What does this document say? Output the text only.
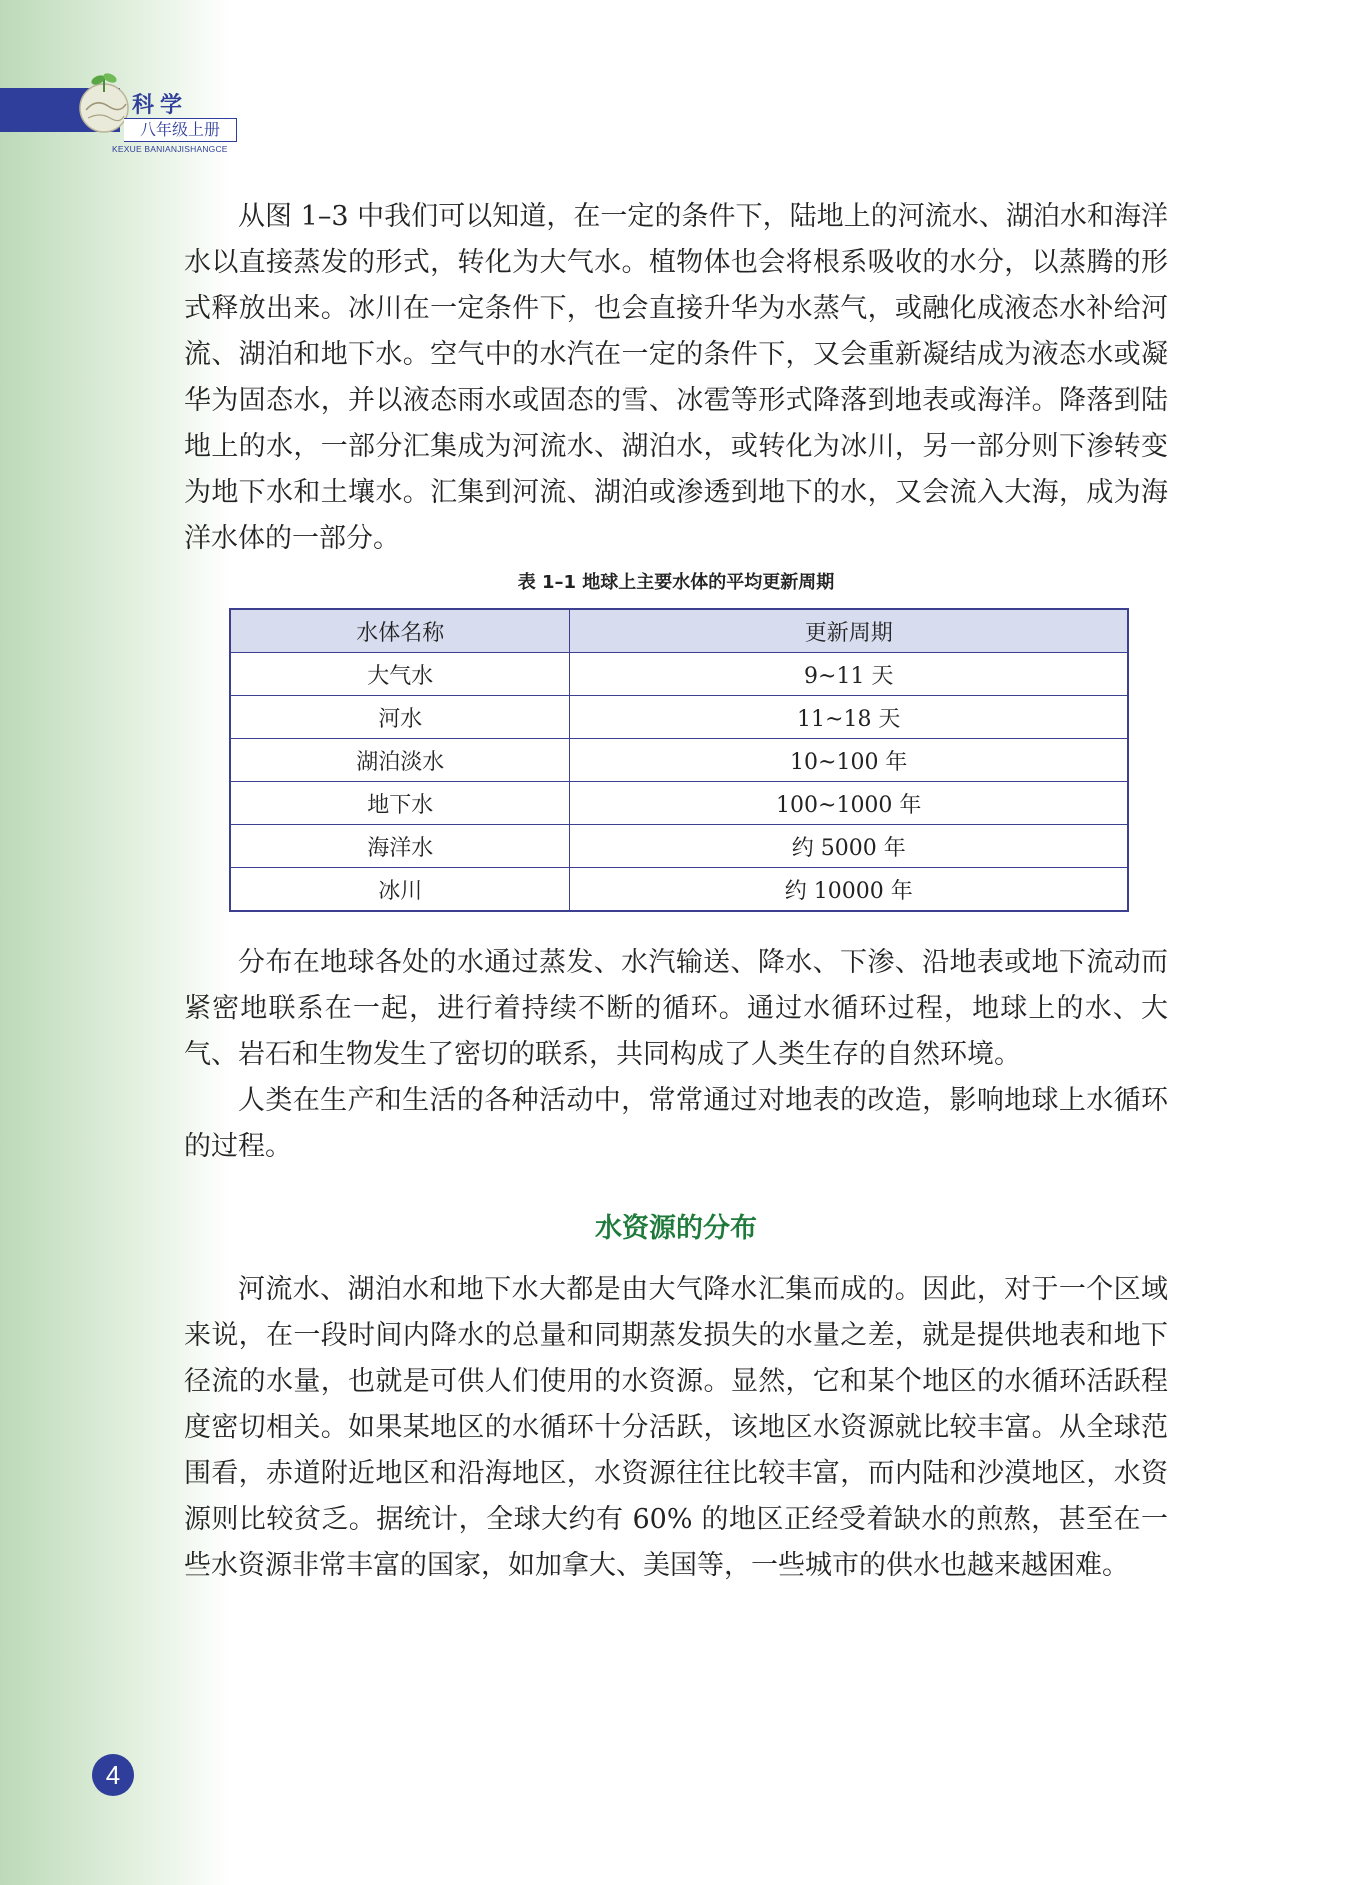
科学
八年级上册
KEXUE BANIANJISHANGCE

从图 1–3 中我们可以知道，在一定的条件下，陆地上的河流水、湖泊水和海洋水以直接蒸发的形式，转化为大气水。植物体也会将根系吸收的水分，以蒸腾的形式释放出来。冰川在一定条件下，也会直接升华为水蒸气，或融化成液态水补给河流、湖泊和地下水。空气中的水汽在一定的条件下，又会重新凝结成为液态水或凝华为固态水，并以液态雨水或固态的雪、冰雹等形式降落到地表或海洋。降落到陆地上的水，一部分汇集成为河流水、湖泊水，或转化为冰川，另一部分则下渗转变为地下水和土壤水。汇集到河流、湖泊或渗透到地下的水，又会流入大海，成为海洋水体的一部分。

表 1–1 地球上主要水体的平均更新周期
水体名称	更新周期
大气水	9~11 天
河水	11~18 天
湖泊淡水	10~100 年
地下水	100~1000 年
海洋水	约 5000 年
冰川	约 10000 年

分布在地球各处的水通过蒸发、水汽输送、降水、下渗、沿地表或地下流动而紧密地联系在一起，进行着持续不断的循环。通过水循环过程，地球上的水、大气、岩石和生物发生了密切的联系，共同构成了人类生存的自然环境。

人类在生产和生活的各种活动中，常常通过对地表的改造，影响地球上水循环的过程。

水资源的分布

河流水、湖泊水和地下水大都是由大气降水汇集而成的。因此，对于一个区域来说，在一段时间内降水的总量和同期蒸发损失的水量之差，就是提供地表和地下径流的水量，也就是可供人们使用的水资源。显然，它和某个地区的水循环活跃程度密切相关。如果某地区的水循环十分活跃，该地区水资源就比较丰富。从全球范围看，赤道附近地区和沿海地区，水资源往往比较丰富，而内陆和沙漠地区，水资源则比较贫乏。据统计，全球大约有 60% 的地区正经受着缺水的煎熬，甚至在一些水资源非常丰富的国家，如加拿大、美国等，一些城市的供水也越来越困难。

4
